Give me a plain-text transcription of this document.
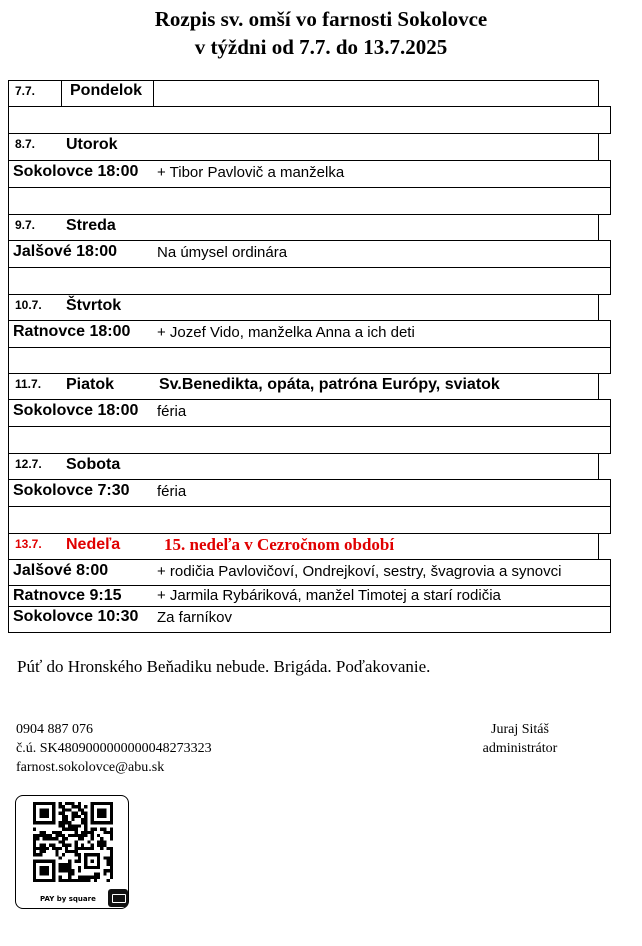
Rozpis sv. omší vo farnosti Sokolovce
v týždni od 7.7. do 13.7.2025
7.7. Pondelok
8.7. Utorok
Sokolovce 18:00 + Tibor Pavlovič a manželka
9.7. Streda
Jalšové 18:00	Na úmysel ordinára
10.7. Štvrtok
Ratnovce 18:00 + Jozef Vido, manželka Anna a ich deti
11.7. Piatok	Sv.Benedikta, opáta, patróna Európy, sviatok
Sokolovce 18:00 féria
12.7. Sobota
Sokolovce 7:30 féria
13.7. Nedeľa	15. nedeľa v Cezročnom období
Jalšové 8:00	+ rodičia Pavlovičoví, Ondrejkoví, sestry, švagrovia a synovci
Ratnovce 9:15 + Jarmila Rybáriková, manžel Timotej a starí rodičia
Sokolovce 10:30 Za farníkov
Púť do Hronského Beňadiku nebude. Brigáda. Poďakovanie.
0904 887 076
č.ú. SK4809000000000048273323
farnost.sokolovce@abu.sk
Juraj Sitáš
administrátor
PAY by square
